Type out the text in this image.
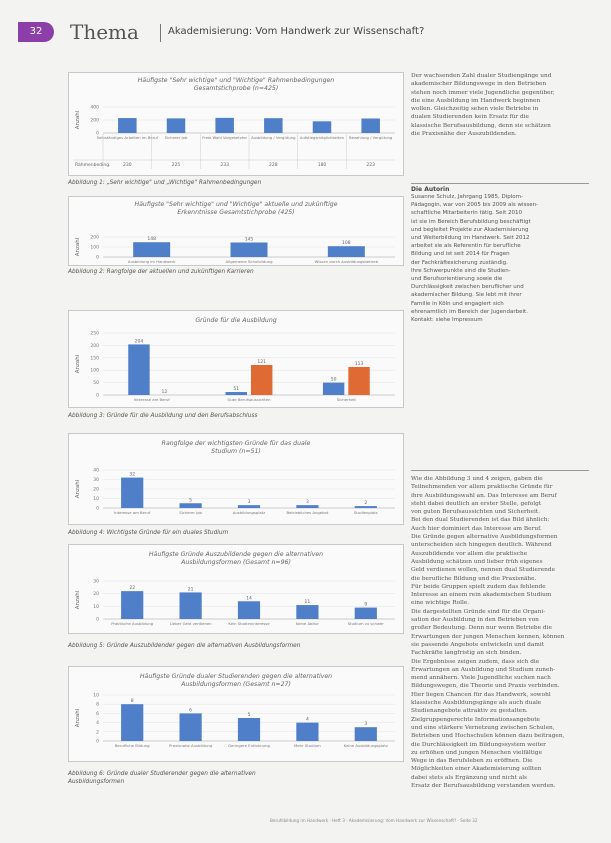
32	Thema	Akademisierung: Vom Handwerk zur Wissenschaft?
Häufigste "Sehr wichtige" und "Wichtige" Rahmenbedingungen Gesamtstichprobe (n=425)
Anzahl
400
200
0
Selbständiges Arbeiten im Beruf
230
Sicherer Job
225
Freie Wahl Vorgesetzter
233
Ausbildung / Vergütung
228
Aufstiegsmöglichkeiten
180
Bezahlung / Vergütung
223
Rahmenbeding.
Abbildung 1: „Sehr wichtige" und „Wichtige" Rahmenbedingungen
Häufigste "Sehr wichtige" und "Wichtige" aktuelle und zukünftige Erkenntnisse Gesamtstichprobe (425)
Anzahl 200
100
0
148
Ausbildung im Handwerk
145
Allgemeine Schulbildung
108
Wissen durch Ausbildungsbetrieb
Abbildung 2: Rangfolge der aktuellen und zukünftigen Karrieren
Gründe für die Ausbildung
Anzahl
250
200
150
100
50
0
204
12
Interesse am Beruf
51
121
Gute Berufsaussichten
50
113
Sicherheit
Abbildung 3: Gründe für die Ausbildung und den Berufsabschluss
Rangfolge der wichtigsten Gründe für das duale Studium (n=51)
Anzahl
40
30
20
10
0
32
Interesse am Beruf
5
Sicherer Job
3
Ausbildungsplatz
3
Betriebliches Angebot
2
Studienplatz
Abbildung 4: Wichtigste Gründe für ein duales Studium
Häufigste Gründe Auszubildende gegen die alternativen Ausbildungsformen (Gesamt n=96)
Anzahl
30
20
10
0
22
Praktische Ausbildung
21
Lieber Geld verdienen
14
Kein Studieninteresse
11
Keine Abitur
9
Studium zu schwer
Abbildung 5: Gründe Auszubildender gegen die alternativen Ausbildungsformen
Häufigste Gründe dualer Studierenden gegen die alternativen Ausbildungsformen (Gesamt n=27)
Anzahl
10
8
6
4
2
0
8
Berufliche Bildung
6
Praxisnahe Ausbildung
5
Geringere Entlohnung
4
Mehr Studium
3
Keine Ausbildungsplatz
Abbildung 6: Gründe dualer Studierender gegen die alternativen
Ausbildungsformen
Der wachsenden Zahl dualer Studiengänge und
akademischer Bildungswege in den Betrieben
stehen noch immer viele Jugendliche gegenüber,
die eine Ausbildung im Handwerk beginnen
wollen. Gleichzeitig sehen viele Betriebe in
dualen Studierenden kein Ersatz für die
klassische Berufsausbildung, denn sie schätzen
die Praxisnähe der Auszubildenden.
Die Autorin
Susanne Schulz, Jahrgang 1985, Diplom-
Pädagogin, war von 2005 bis 2009 als wissen-
schaftliche Mitarbeiterin tätig. Seit 2010
ist sie im Bereich Berufsbildung beschäftigt
und begleitet Projekte zur Akademisierung
und Weiterbildung im Handwerk. Seit 2012
arbeitet sie als Referentin für berufliche
Bildung und ist seit 2014 für Fragen
der Fachkräftesicherung zuständig.
Ihre Schwerpunkte sind die Studien-
und Berufsorientierung sowie die
Durchlässigkeit zwischen beruflicher und
akademischer Bildung. Sie lebt mit ihrer
Familie in Köln und engagiert sich
ehrenamtlich im Bereich der Jugendarbeit.
Kontakt: siehe Impressum
Wie die Abbildung 3 und 4 zeigen, gaben die
Teilnehmenden vor allem praktische Gründe für
ihre Ausbildungswahl an. Das Interesse am Beruf
steht dabei deutlich an erster Stelle, gefolgt
von guten Berufsaussichten und Sicherheit.
Bei den dual Studierenden ist das Bild ähnlich:
Auch hier dominiert das Interesse am Beruf.
Die Gründe gegen alternative Ausbildungsformen
unterscheiden sich hingegen deutlich. Während
Auszubildende vor allem die praktische
Ausbildung schätzen und lieber früh eigenes
Geld verdienen wollen, nennen dual Studierende
die berufliche Bildung und die Praxisnähe.
Für beide Gruppen spielt zudem das fehlende
Interesse an einem rein akademischen Studium
eine wichtige Rolle.
Die dargestellten Gründe sind für die Organi-
sation der Ausbildung in den Betrieben von
großer Bedeutung. Denn nur wenn Betriebe die
Erwartungen der jungen Menschen kennen, können
sie passende Angebote entwickeln und damit
Fachkräfte langfristig an sich binden.
Die Ergebnisse zeigen zudem, dass sich die
Erwartungen an Ausbildung und Studium zuneh-
mend annähern. Viele Jugendliche suchen nach
Bildungswegen, die Theorie und Praxis verbinden.
Hier liegen Chancen für das Handwerk, sowohl
klassische Ausbildungsgänge als auch duale
Studienangebote attraktiv zu gestalten.
Zielgruppengerechte Informationsangebote
und eine stärkere Vernetzung zwischen Schulen,
Betrieben und Hochschulen können dazu beitragen,
die Durchlässigkeit im Bildungssystem weiter
zu erhöhen und jungen Menschen vielfältige
Wege in das Berufsleben zu eröffnen. Die
Möglichkeiten einer Akademisierung sollten
dabei stets als Ergänzung und nicht als
Ersatz der Berufsausbildung verstanden werden.
Berufsbildung im Handwerk · Heft 3 · Akademisierung: Vom Handwerk zur Wissenschaft? · Seite 32
